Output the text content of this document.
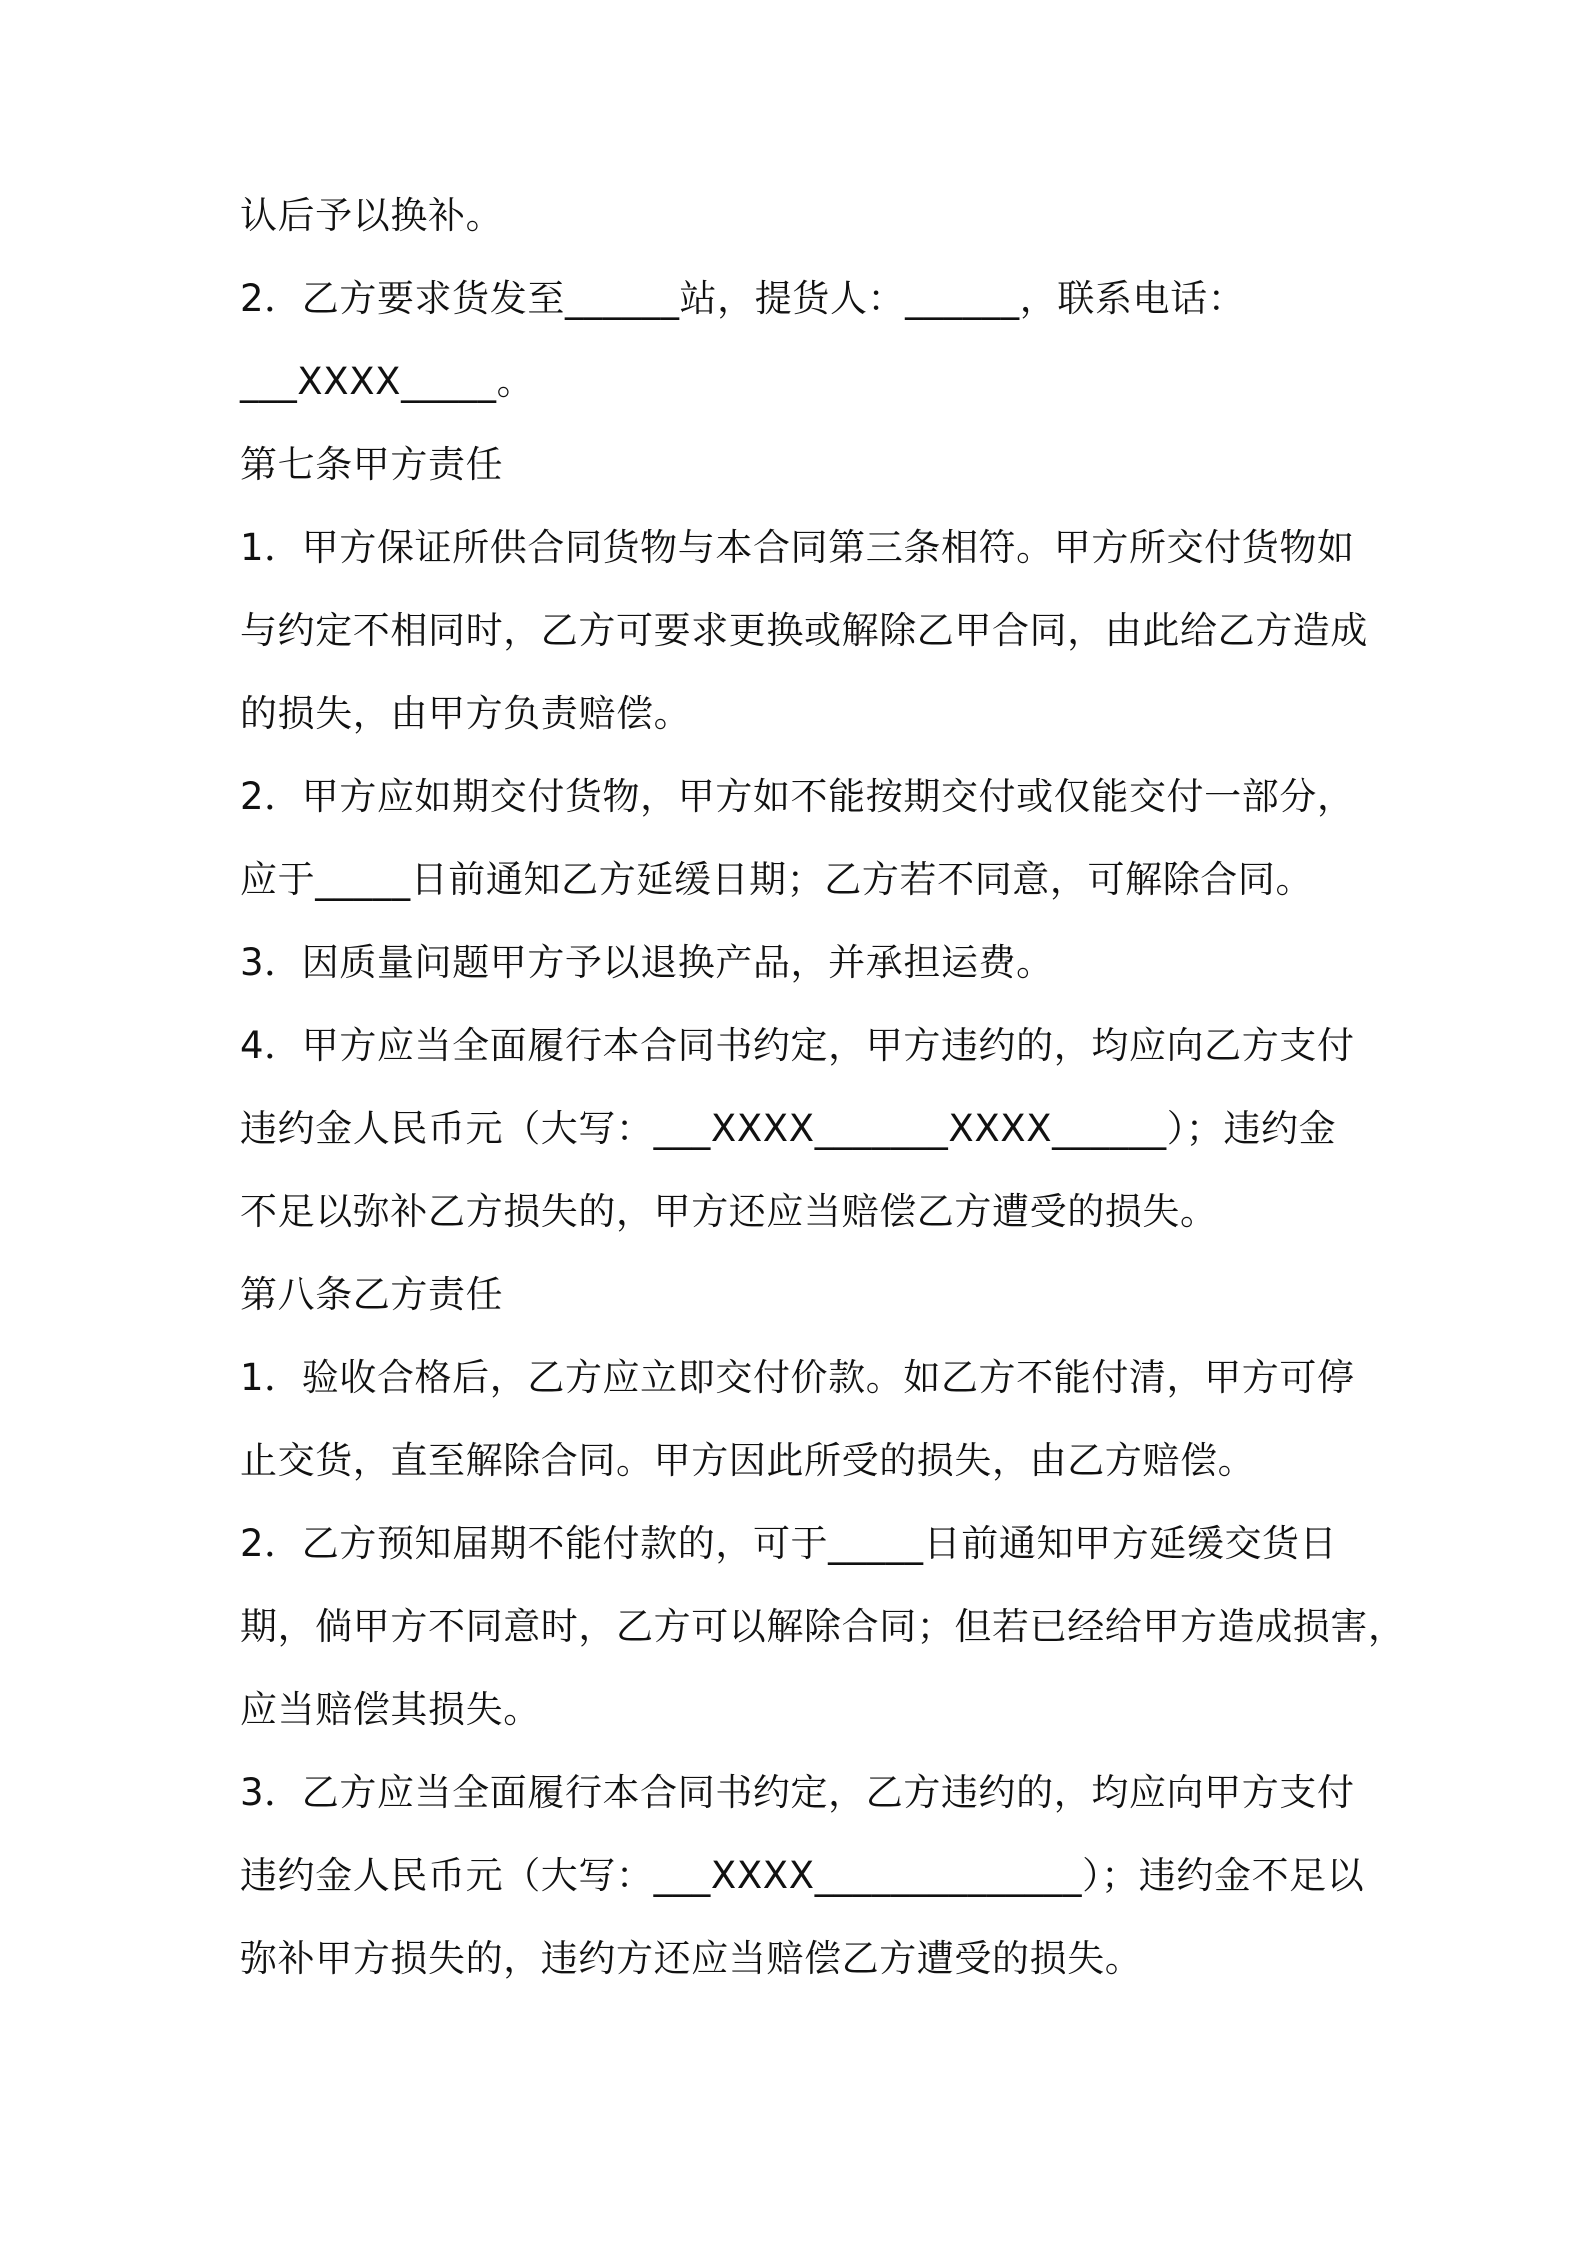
认后予以换补。
2．乙方要求货发至______站，提货人：______，联系电话：
___XXXX_____。
第七条甲方责任
1．甲方保证所供合同货物与本合同第三条相符。甲方所交付货物如
与约定不相同时，乙方可要求更换或解除乙甲合同，由此给乙方造成
的损失，由甲方负责赔偿。
2．甲方应如期交付货物，甲方如不能按期交付或仅能交付一部分，
应于_____日前通知乙方延缓日期；乙方若不同意，可解除合同。
3．因质量问题甲方予以退换产品，并承担运费。
4．甲方应当全面履行本合同书约定，甲方违约的，均应向乙方支付
违约金人民币元（大写：___XXXX_______XXXX______）；违约金
不足以弥补乙方损失的，甲方还应当赔偿乙方遭受的损失。
第八条乙方责任
1．验收合格后，乙方应立即交付价款。如乙方不能付清，甲方可停
止交货，直至解除合同。甲方因此所受的损失，由乙方赔偿。
2．乙方预知届期不能付款的，可于_____日前通知甲方延缓交货日
期，倘甲方不同意时，乙方可以解除合同；但若已经给甲方造成损害，
应当赔偿其损失。
3．乙方应当全面履行本合同书约定，乙方违约的，均应向甲方支付
违约金人民币元（大写：___XXXX______________）；违约金不足以
弥补甲方损失的，违约方还应当赔偿乙方遭受的损失。
